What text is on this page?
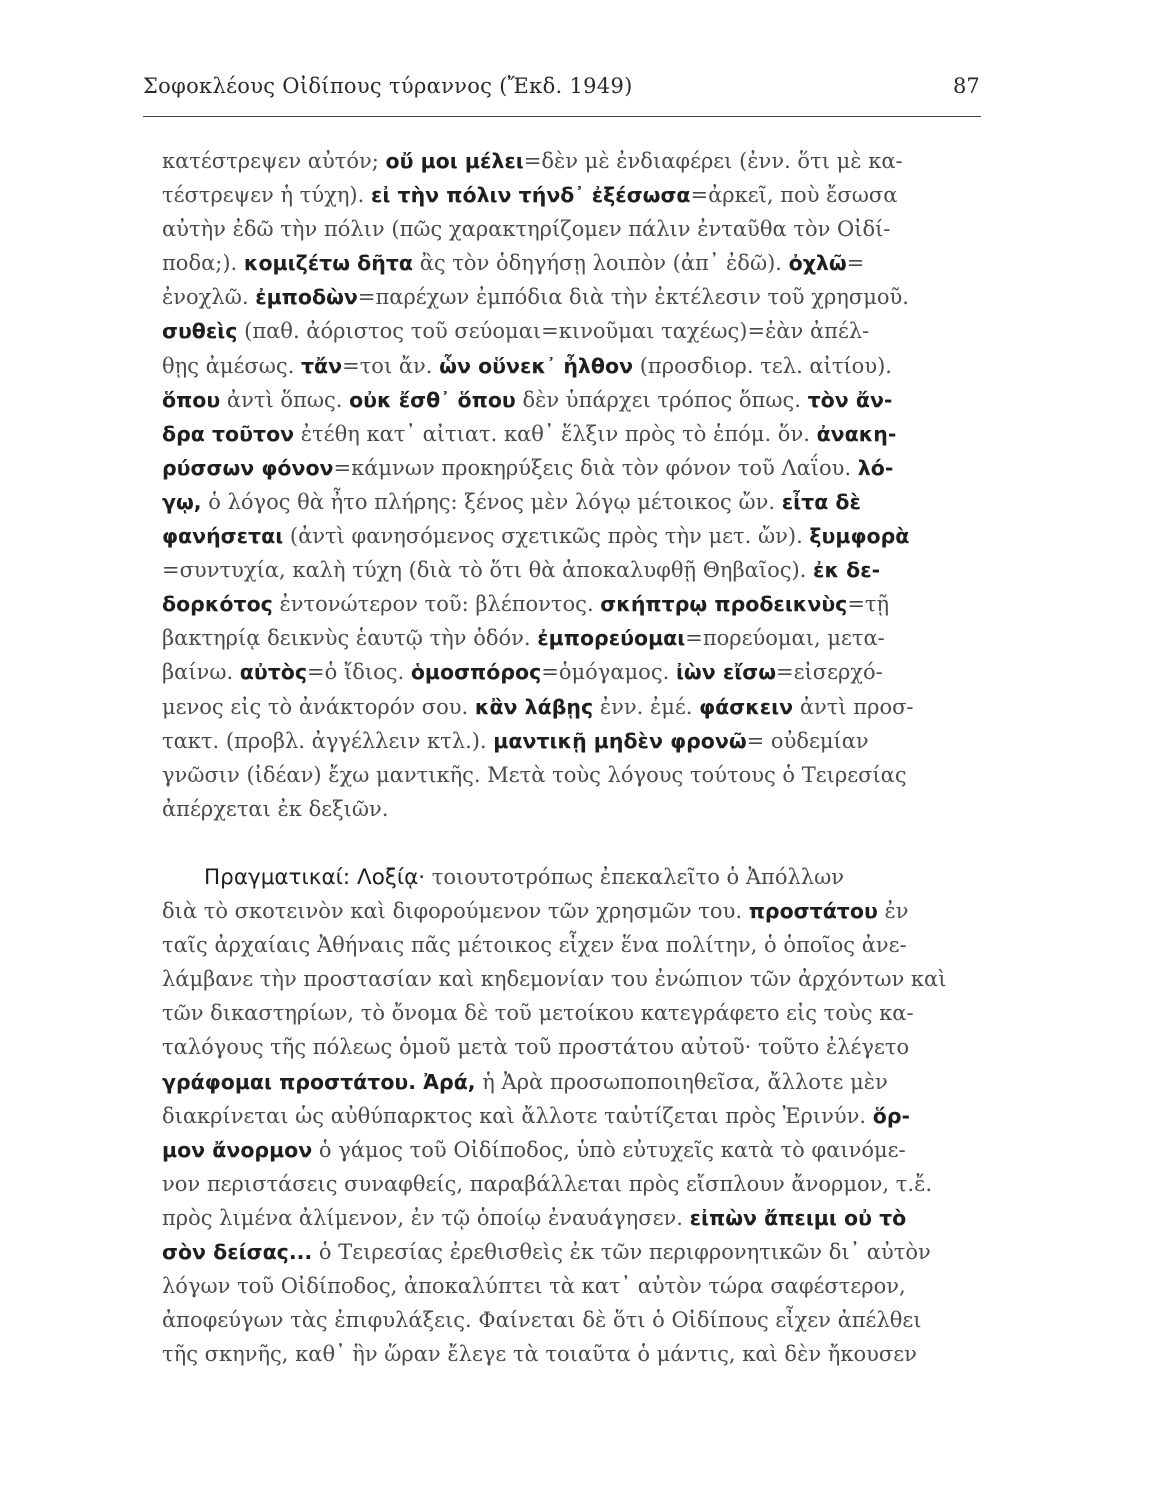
Σοφοκλέους Οἰδίπους τύραννος (Ἔκδ. 1949)	87
κατέστρεψεν αὐτόν; οὔ μοι μέλει=δὲν μὲ ἐνδιαφέρει (ἐνν. ὅτι μὲ κα-
τέστρεψεν ἡ τύχη). εἰ τὴν πόλιν τήνδ᾽ ἐξέσωσα=ἀρκεῖ, ποὺ ἔσωσα
αὐτὴν ἐδῶ τὴν πόλιν (πῶς χαρακτηρίζομεν πάλιν ἐνταῦθα τὸν Οἰδί-
ποδα;). κομιζέτω δῆτα ἂς τὸν ὁδηγήσῃ λοιπὸν (ἀπ᾽ ἐδῶ). ὀχλῶ=
ἐνοχλῶ. ἐμποδὼν=παρέχων ἐμπόδια διὰ τὴν ἐκτέλεσιν τοῦ χρησμοῦ.
συθεὶς (παθ. ἀόριστος τοῦ σεύομαι=κινοῦμαι ταχέως)=ἐὰν ἀπέλ-
θῃς ἀμέσως. τἄν=τοι ἄν. ὧν οὕνεκ᾽ ἦλθον (προσδιορ. τελ. αἰτίου).
ὅπου ἀντὶ ὅπως. οὐκ ἔσθ᾽ ὅπου δὲν ὑπάρχει τρόπος ὅπως. τὸν ἄν-
δρα τοῦτον ἐτέθη κατ᾽ αἰτιατ. καθ᾽ ἕλξιν πρὸς τὸ ἑπόμ. ὅν. ἀνακη-
ρύσσων φόνον=κάμνων προκηρύξεις διὰ τὸν φόνον τοῦ Λαΐου. λό-
γῳ, ὁ λόγος θὰ ἦτο πλήρης: ξένος μὲν λόγῳ μέτοικος ὤν. εἶτα δὲ
φανήσεται (ἀντὶ φανησόμενος σχετικῶς πρὸς τὴν μετ. ὤν). ξυμφορὰ
=συντυχία, καλὴ τύχη (διὰ τὸ ὅτι θὰ ἀποκαλυφθῇ Θηβαῖος). ἐκ δε-
δορκότος ἐντονώτερον τοῦ: βλέποντος. σκήπτρῳ προδεικνὺς=τῇ
βακτηρίᾳ δεικνὺς ἑαυτῷ τὴν ὁδόν. ἐμπορεύομαι=πορεύομαι, μετα-
βαίνω. αὐτὸς=ὁ ἴδιος. ὁμοσπόρος=ὁμόγαμος. ἰὼν εἴσω=εἰσερχό-
μενος εἰς τὸ ἀνάκτορόν σου. κἂν λάβῃς ἐνν. ἐμέ. φάσκειν ἀντὶ προσ-
τακτ. (προβλ. ἀγγέλλειν κτλ.). μαντικῇ μηδὲν φρονῶ= οὐδεμίαν
γνῶσιν (ἰδέαν) ἔχω μαντικῆς. Μετὰ τοὺς λόγους τούτους ὁ Τειρεσίας
ἀπέρχεται ἐκ δεξιῶν.
Πραγματικαί: Λοξίᾳ· τοιουτοτρόπως ἐπεκαλεῖτο ὁ Ἀπόλλων
διὰ τὸ σκοτεινὸν καὶ διφορούμενον τῶν χρησμῶν του. προστάτου ἐν
ταῖς ἀρχαίαις Ἀθήναις πᾶς μέτοικος εἶχεν ἕνα πολίτην, ὁ ὁποῖος ἀνε-
λάμβανε τὴν προστασίαν καὶ κηδεμονίαν του ἐνώπιον τῶν ἀρχόντων καὶ
τῶν δικαστηρίων, τὸ ὄνομα δὲ τοῦ μετοίκου κατεγράφετο εἰς τοὺς κα-
ταλόγους τῆς πόλεως ὁμοῦ μετὰ τοῦ προστάτου αὐτοῦ· τοῦτο ἐλέγετο
γράφομαι προστάτου. Ἀρά, ἡ Ἀρὰ προσωποποιηθεῖσα, ἄλλοτε μὲν
διακρίνεται ὡς αὐθύπαρκτος καὶ ἄλλοτε ταὐτίζεται πρὸς Ἐρινύν. ὅρ-
μον ἄνορμον ὁ γάμος τοῦ Οἰδίποδος, ὑπὸ εὐτυχεῖς κατὰ τὸ φαινόμε-
νον περιστάσεις συναφθείς, παραβάλλεται πρὸς εἴσπλουν ἄνορμον, τ.ἔ.
πρὸς λιμένα ἀλίμενον, ἐν τῷ ὁποίῳ ἐναυάγησεν. εἰπὼν ἄπειμι οὐ τὸ
σὸν δείσας... ὁ Τειρεσίας ἐρεθισθεὶς ἐκ τῶν περιφρονητικῶν δι᾽ αὐτὸν
λόγων τοῦ Οἰδίποδος, ἀποκαλύπτει τὰ κατ᾽ αὐτὸν τώρα σαφέστερον,
ἀποφεύγων τὰς ἐπιφυλάξεις. Φαίνεται δὲ ὅτι ὁ Οἰδίπους εἶχεν ἀπέλθει
τῆς σκηνῆς, καθ᾽ ἣν ὥραν ἔλεγε τὰ τοιαῦτα ὁ μάντις, καὶ δὲν ἤκουσεν
